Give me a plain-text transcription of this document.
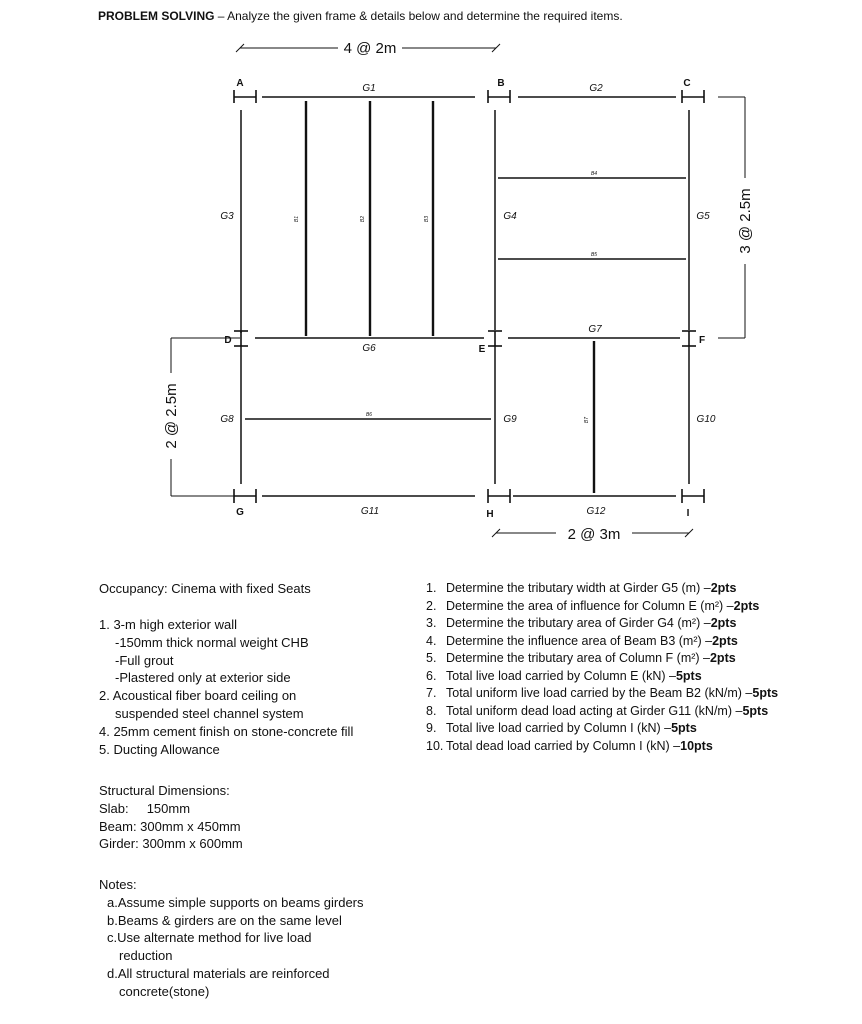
PROBLEM SOLVING – Analyze the given frame & details below and determine the required items.
4 @ 2m
3 @ 2.5m
2 @ 2.5m
2 @ 3m
A	B	C
D
E
F
G	H	I
G1	G2
G3	G4	G5
G6
G7
G8	G9	G10
G11	G12
B1	B2	B3
B4
B5
B6
B7
Occupancy: Cinema with fixed Seats
1. 3-m high exterior wall
-150mm thick normal weight CHB
-Full grout
-Plastered only at exterior side
2. Acoustical fiber board ceiling on
suspended steel channel system
4. 25mm cement finish on stone-concrete fill
5. Ducting Allowance
Structural Dimensions:
Slab:     150mm
Beam: 300mm x 450mm
Girder: 300mm x 600mm
Notes:
a.Assume simple supports on beams girders
b.Beams & girders are on the same level
c.Use alternate method for live load
reduction
d.All structural materials are reinforced
concrete(stone)
1. Determine the tributary width at Girder G5 (m) – 2pts
2. Determine the area of influence for Column E (m²) – 2pts
3. Determine the tributary area of Girder G4 (m²) – 2pts
4. Determine the influence area of Beam B3 (m²) – 2pts
5. Determine the tributary area of Column F (m²) – 2pts
6. Total live load carried by Column E (kN) – 5pts
7. Total uniform live load carried by the Beam B2 (kN/m) – 5pts
8. Total uniform dead load acting at Girder G11 (kN/m) – 5pts
9. Total live load carried by Column I (kN) – 5pts
10. Total dead load carried by Column I (kN) – 10pts
